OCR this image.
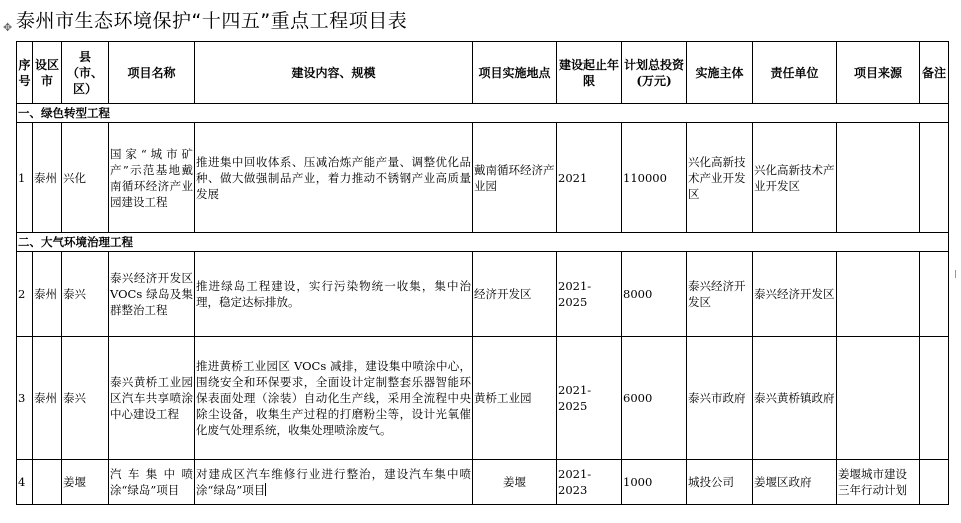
泰州市生态环境保护“十四五”重点工程项目表
✥
序号	设区市	县（市、区）	项目名称	建设内容、规模	项目实施地点	建设起止年限	计划总投资(万元)	实施主体	责任单位	项目来源	备注
一、绿色转型工程											
1	泰州	兴化	国家“城市矿产”示范基地戴南循环经济产业园建设工程	推进集中回收体系、压减冶炼产能产量、调整优化品种、做大做强制品产业，着力推动不锈钢产业高质量发展	戴南循环经济产业园	2021	110000	兴化高新技术产业开发区	兴化高新技术产业开发区		
二、大气环境治理工程											
2	泰州	泰兴	泰兴经济开发区 VOCs 绿岛及集群整治工程	推进绿岛工程建设，实行污染物统一收集，集中治理，稳定达标排放。	经济开发区	2021-2025	8000	泰兴经济开发区	泰兴经济开发区		
3	泰州	泰兴	泰兴黄桥工业园区汽车共享喷涂中心建设工程	推进黄桥工业园区 VOCs 减排，建设集中喷涂中心，围绕安全和环保要求，全面设计定制整套乐器智能环保表面处理（涂装）自动化生产线，采用全流程中央除尘设备，收集生产过程的打磨粉尘等，设计光氧催化废气处理系统，收集处理喷涂废气。	黄桥工业园	2021-2025	6000	泰兴市政府	泰兴黄桥镇政府		
4		姜堰	汽车集中喷涂“绿岛”项目	对建成区汽车维修行业进行整治，建设汽车集中喷涂“绿岛”项目	姜堰	2021-2023	1000	城投公司	姜堰区政府	姜堰城市建设三年行动计划	
